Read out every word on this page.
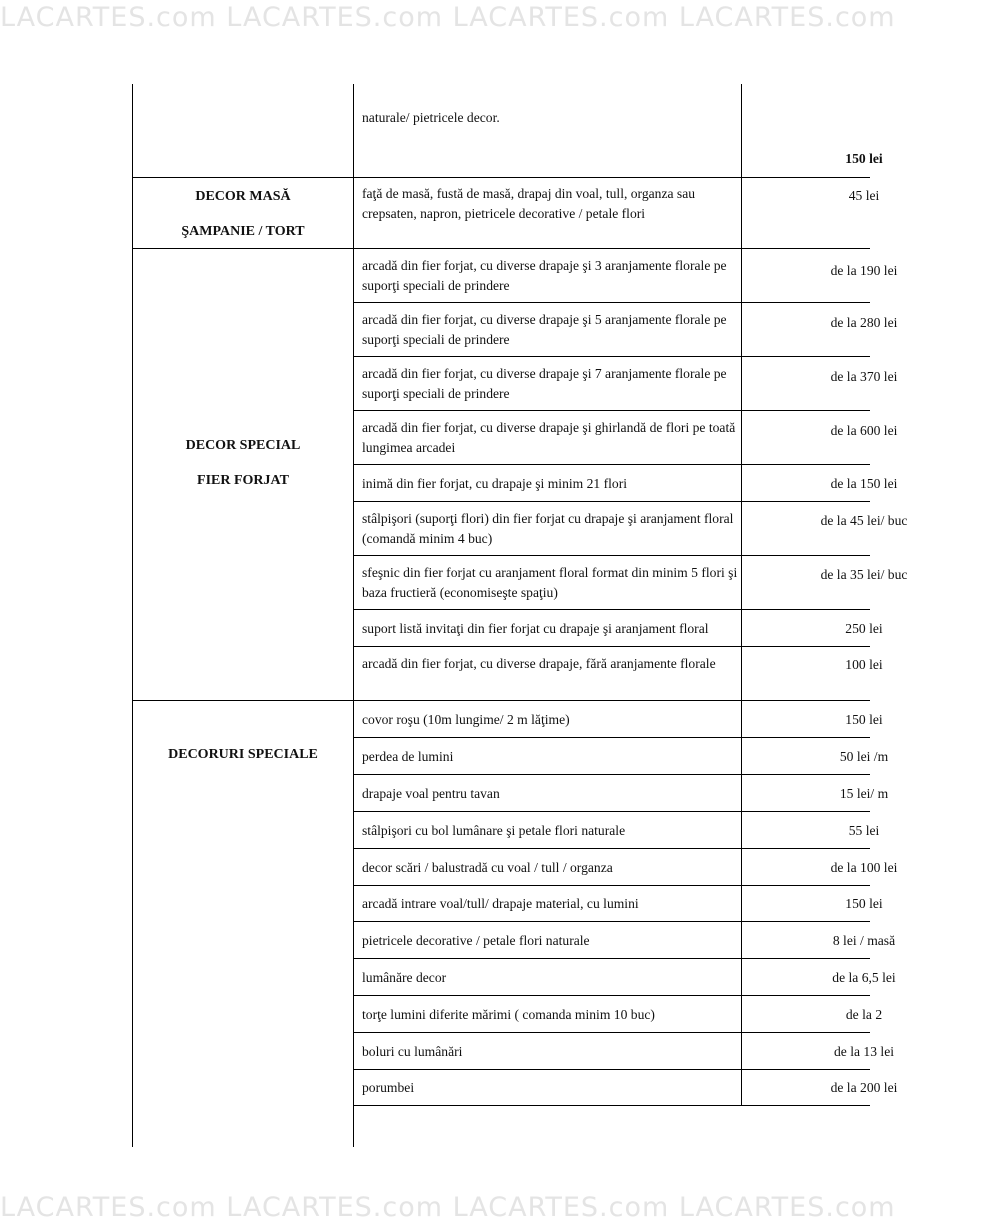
LACARTES.com LACARTES.com LACARTES.com LACARTES.com
LACARTES.com LACARTES.com LACARTES.com LACARTES.com
DECOR MASĂ
ŞAMPANIE / TORT
DECOR SPECIAL
FIER FORJAT
DECORURI SPECIALE
naturale/ pietricele decor.
faţă de masă, fustă de masă, drapaj din voal, tull, organza sau crepsaten, napron, pietricele decorative / petale flori
arcadă din fier forjat, cu diverse drapaje şi 3 aranjamente florale pe suporţi speciali de prindere
arcadă din fier forjat, cu diverse drapaje şi 5 aranjamente florale pe suporţi speciali de prindere
arcadă din fier forjat, cu diverse drapaje şi 7 aranjamente florale pe suporţi speciali de prindere
arcadă din fier forjat, cu diverse drapaje şi ghirlandă de flori pe toată lungimea arcadei
inimă din fier forjat, cu drapaje şi minim 21 flori
stâlpişori (suporţi flori) din fier forjat cu drapaje şi aranjament floral (comandă minim 4 buc)
sfeşnic din fier forjat cu aranjament floral format din minim 5 flori şi baza fructieră (economiseşte spaţiu)
suport listă invitaţi din fier forjat cu drapaje şi aranjament floral
arcadă din fier forjat, cu diverse drapaje, fără aranjamente florale
covor roşu (10m lungime/ 2 m lăţime)
perdea de lumini
drapaje voal pentru tavan
stâlpişori cu bol lumânare şi petale flori naturale
decor scări / balustradă cu voal / tull / organza
arcadă intrare voal/tull/ drapaje material, cu lumini
pietricele decorative / petale flori naturale
lumânăre decor
torţe lumini diferite mărimi ( comanda minim 10 buc)
boluri cu lumânări
porumbei
150 lei
45 lei
de la 190 lei
de la 280 lei
de la 370 lei
de la 600 lei
de la 150 lei
de la 45 lei/ buc
de la 35 lei/ buc
250 lei
100 lei
150 lei
50 lei /m
15 lei/ m
55 lei
de la 100 lei
150 lei
8 lei / masă
de la 6,5 lei
de la 2
de la 13 lei
de la 200 lei
